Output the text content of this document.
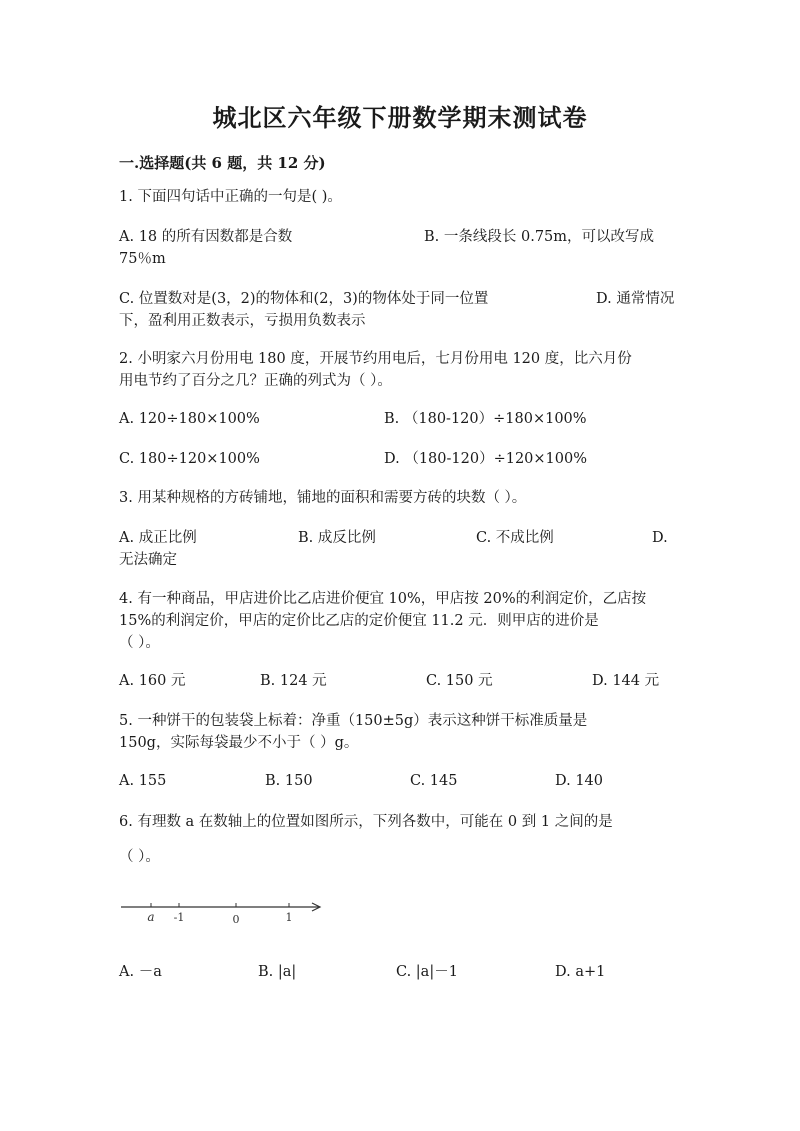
城北区六年级下册数学期末测试卷
一.选择题(共 6 题，共 12 分)
1. 下面四句话中正确的一句是( )。
A. 18 的所有因数都是合数	B. 一条线段长 0.75m，可以改写成
75％m
C. 位置数对是(3，2)的物体和(2，3)的物体处于同一位置	D. 通常情况
下，盈利用正数表示，亏损用负数表示
2. 小明家六月份用电 180 度，开展节约用电后，七月份用电 120 度，比六月份
用电节约了百分之几？正确的列式为（ ）。
A. 120÷180×100%	B. （180-120）÷180×100%
C. 180÷120×100%	D. （180-120）÷120×100%
3. 用某种规格的方砖铺地，铺地的面积和需要方砖的块数（ ）。
A. 成正比例	B. 成反比例	C. 不成比例	D.
无法确定
4. 有一种商品，甲店进价比乙店进价便宜 10%，甲店按 20%的利润定价，乙店按
15%的利润定价，甲店的定价比乙店的定价便宜 11.2 元．则甲店的进价是
（ ）。
A. 160 元	B. 124 元	C. 150 元	D. 144 元
5. 一种饼干的包装袋上标着：净重（150±5g）表示这种饼干标准质量是
150g，实际每袋最少不小于（ ）g。
A. 155	B. 150	C. 145	D. 140
6. 有理数 a 在数轴上的位置如图所示，下列各数中，可能在 0 到 1 之间的是
（ ）。
a -1	0	1
A. －a	B. |a|	C. |a|－1	D. a+1
